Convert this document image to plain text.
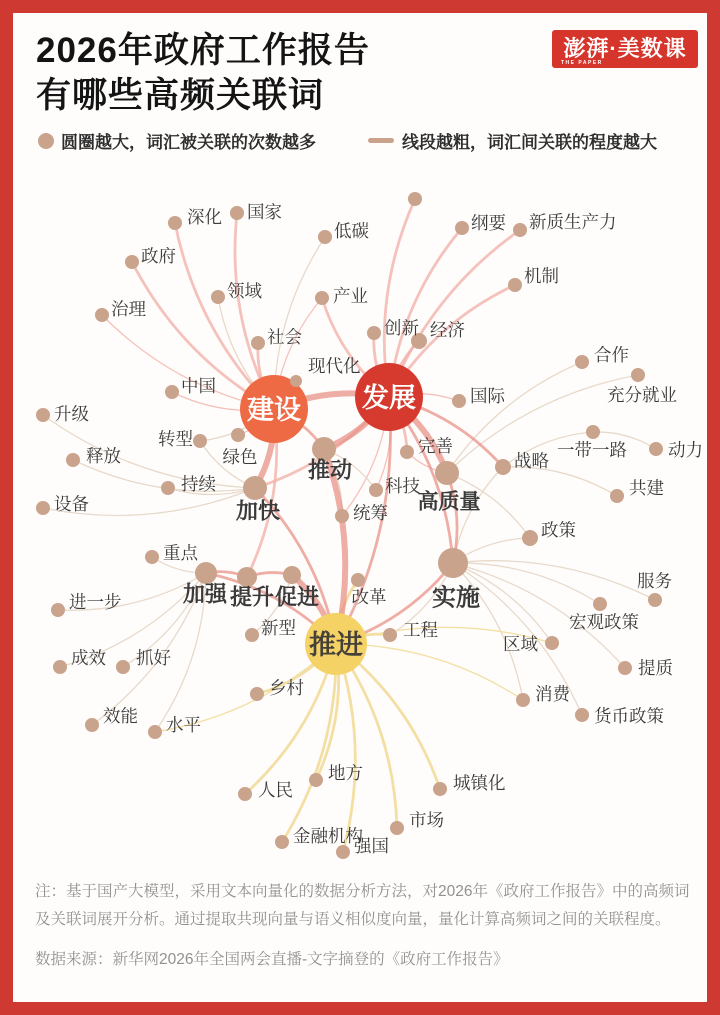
建设 发展
推进
推动
加快
加强 提升 促进	实施
高质量
深化 国家
低碳
政府
领域
治理
产业
社会
现代化
中国
创新 经济
纲要 新质生产力
机制
合作
充分就业
国际
完善	一带一路 动力
战略
共建
科技
统筹
政策
升级
释放
转型
绿色
持续
设备
重点
进一步
成效 抓好
效能 水平
新型
改革
工程
乡村
区域
宏观政策
服务
提质
消费
货币政策
人民
地方	城镇化
市场
金融机构
强国
2026年政府工作报告
有哪些高频关联词
澎湃·美数课
THE PAPER
圆圈越大，词汇被关联的次数越多	线段越粗，词汇间关联的程度越大

注：基于国产大模型，采用文本向量化的数据分析方法，对2026年《政府工作报告》中的高频词及关联词展开分析。通过提取共现向量与语义相似度向量，量化计算高频词之间的关联程度。

数据来源：新华网2026年全国两会直播-文字摘登的《政府工作报告》
